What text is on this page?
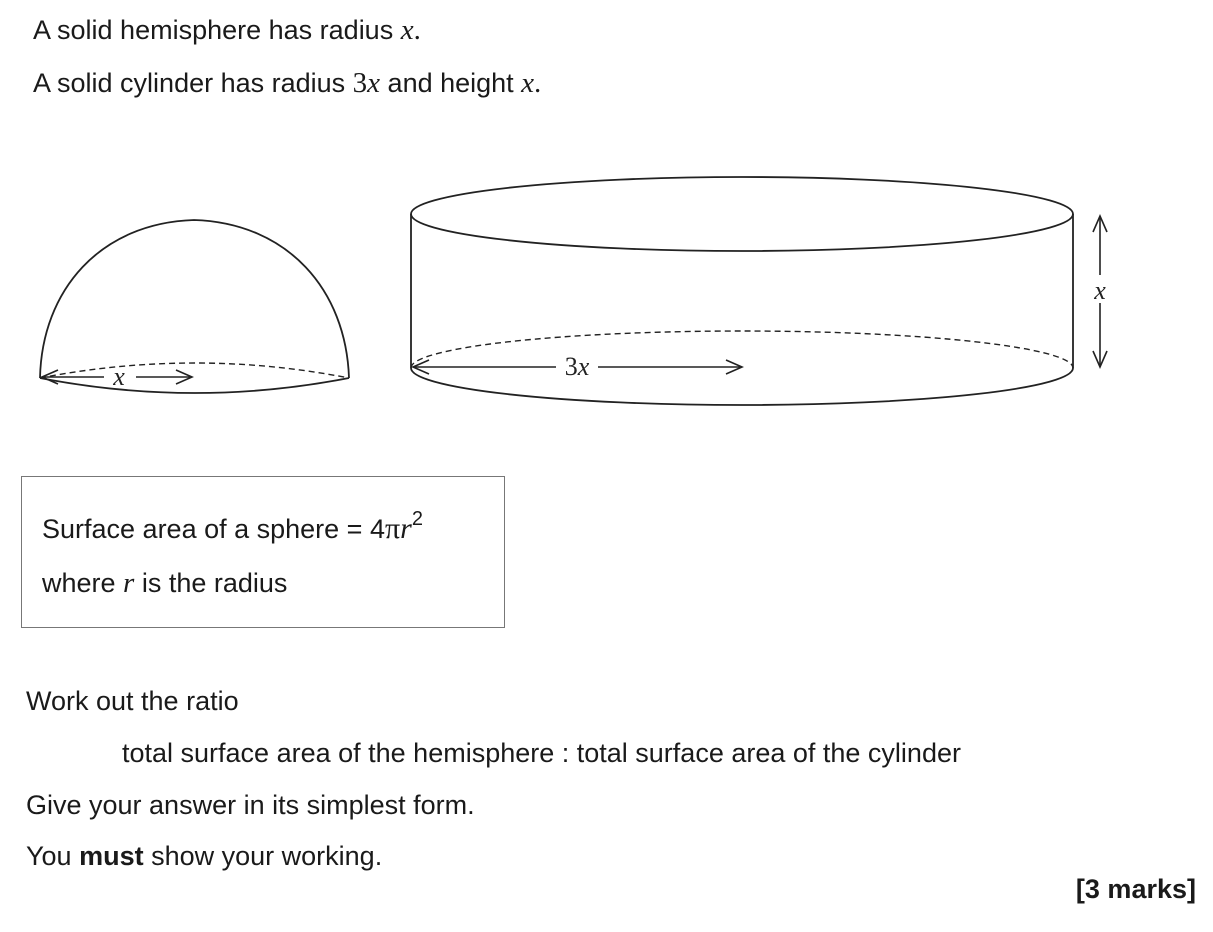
A solid hemisphere has radius x.
A solid cylinder has radius 3x and height x.
x	3x
x
Surface area of a sphere = $4\pi r^2$
where r is the radius
Work out the ratio
total surface area of the hemisphere : total surface area of the cylinder
Give your answer in its simplest form.
You must show your working.
[3 marks]
